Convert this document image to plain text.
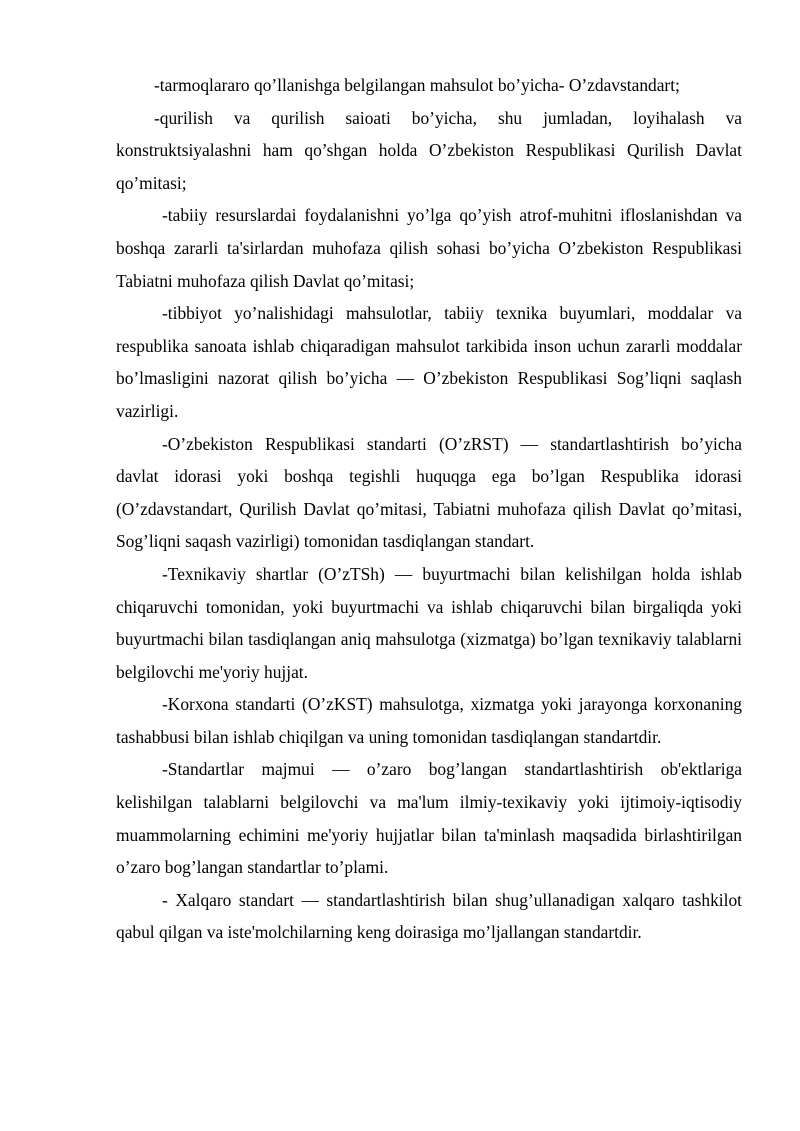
-tarmoqlararo qo’llanishga belgilangan mahsulot bo’yicha- O’zdavstandart;

-qurilish va qurilish saioati bo’yicha, shu jumladan, loyihalash va konstruktsiyalashni ham qo’shgan holda O’zbekiston Respublikasi Qurilish Davlat qo’mitasi;

-tabiiy resurslardai foydalanishni yo’lga qo’yish atrof-muhitni ifloslanishdan va boshqa zararli ta'sirlardan muhofaza qilish sohasi bo’yicha O’zbekiston Respublikasi Tabiatni muhofaza qilish Davlat qo’mitasi;

-tibbiyot yo’nalishidagi mahsulotlar, tabiiy texnika buyumlari, moddalar va respublika sanoata ishlab chiqaradigan mahsulot tarkibida inson uchun zararli moddalar bo’lmasligini nazorat qilish bo’yicha — O’zbekiston Respublikasi Sog’liqni saqlash vazirligi.

-O’zbekiston Respublikasi standarti (O’zRST) — standartlashtirish bo’yicha davlat idorasi yoki boshqa tegishli huquqga ega bo’lgan Respublika idorasi (O’zdavstandart, Qurilish Davlat qo’mitasi, Tabiatni muhofaza qilish Davlat qo’mitasi, Sog’liqni saqash vazirligi) tomonidan tasdiqlangan standart.

-Texnikaviy shartlar (O’zTSh) — buyurtmachi bilan kelishilgan holda ishlab chiqaruvchi tomonidan, yoki buyurtmachi va ishlab chiqaruvchi bilan birgaliqda yoki buyurtmachi bilan tasdiqlangan aniq mahsulotga (xizmatga) bo’lgan texnikaviy talablarni belgilovchi me'yoriy hujjat.

-Korxona standarti (O’zKST) mahsulotga, xizmatga yoki jarayonga korxonaning tashabbusi bilan ishlab chiqilgan va uning tomonidan tasdiqlangan standartdir.

-Standartlar majmui — o’zaro bog’langan standartlashtirish ob'ektlariga kelishilgan talablarni belgilovchi va ma'lum ilmiy-texikaviy yoki ijtimoiy-iqtisodiy muammolarning echimini me'yoriy hujjatlar bilan ta'minlash maqsadida birlashtirilgan o’zaro bog’langan standartlar to’plami.

- Xalqaro standart — standartlashtirish bilan shug’ullanadigan xalqaro tashkilot qabul qilgan va iste'molchilarning keng doirasiga mo’ljallangan standartdir.
